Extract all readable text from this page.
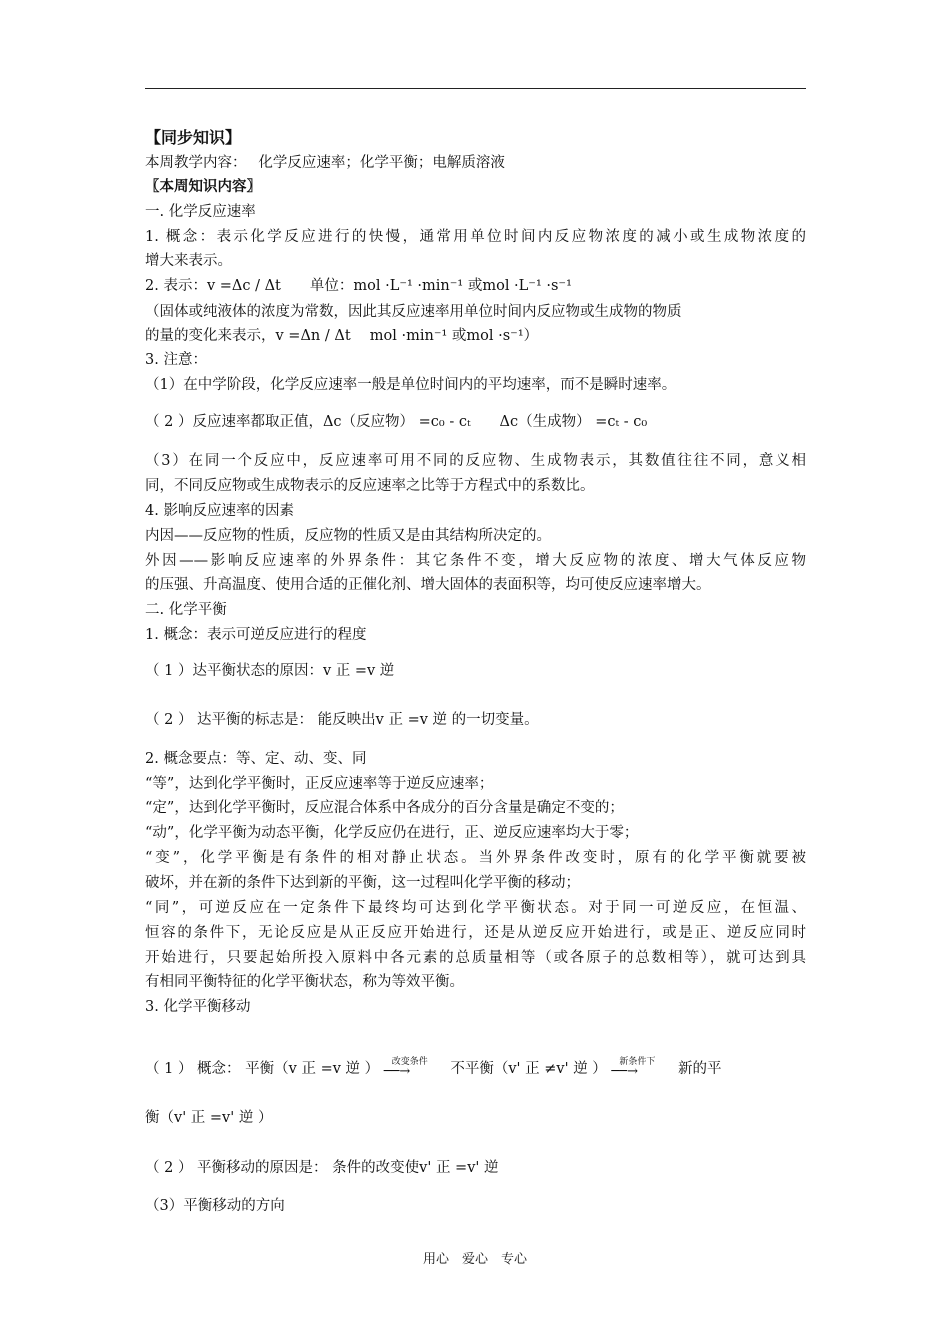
【同步知识】
本周教学内容：　 化学反应速率；化学平衡；电解质溶液
〖本周知识内容〗
一. 化学反应速率
1. 概念：表示化学反应进行的快慢，通常用单位时间内反应物浓度的减小或生成物浓度的
增大来表示。
2. 表示：v =Δc / Δt　　单位：mol ·L⁻¹ ·min⁻¹ 或mol ·L⁻¹ ·s⁻¹
（固体或纯液体的浓度为常数，因此其反应速率用单位时间内反应物或生成物的物质
的量的变化来表示，v =Δn / Δt　 mol ·min⁻¹ 或mol ·s⁻¹）
3. 注意：
（1）在中学阶段，化学反应速率一般是单位时间内的平均速率，而不是瞬时速率。
（ 2 ）反应速率都取正值，Δc（反应物） =c₀ - cₜ　　Δc（生成物） =cₜ - c₀
（3）在同一个反应中，反应速率可用不同的反应物、生成物表示，其数值往往不同，意义相
同，不同反应物或生成物表示的反应速率之比等于方程式中的系数比。
4. 影响反应速率的因素
内因——反应物的性质，反应物的性质又是由其结构所决定的。
外因——影响反应速率的外界条件：其它条件不变，增大反应物的浓度、增大气体反应物
的压强、升高温度、使用合适的正催化剂、增大固体的表面积等，均可使反应速率增大。
二. 化学平衡
1. 概念：表示可逆反应进行的程度
（ 1 ）达平衡状态的原因：v 正 =v 逆
（ 2 ） 达平衡的标志是： 能反映出v 正 =v 逆 的一切变量。
2. 概念要点：等、定、动、变、同
“等”，达到化学平衡时，正反应速率等于逆反应速率；
“定”，达到化学平衡时，反应混合体系中各成分的百分含量是确定不变的；
“动”，化学平衡为动态平衡，化学反应仍在进行，正、逆反应速率均大于零；
“变”，化学平衡是有条件的相对静止状态。当外界条件改变时，原有的化学平衡就要被
破坏，并在新的条件下达到新的平衡，这一过程叫化学平衡的移动；
“同”，可逆反应在一定条件下最终均可达到化学平衡状态。对于同一可逆反应，在恒温、
恒容的条件下，无论反应是从正反应开始进行，还是从逆反应开始进行，或是正、逆反应同时
开始进行，只要起始所投入原料中各元素的总质量相等（或各原子的总数相等），就可达到具
有相同平衡特征的化学平衡状态，称为等效平衡。
3. 化学平衡移动
（ 1 ） 概念： 平衡（v 正 =v 逆 ） 改变条件
──→	不平衡（v' 正 ≠v' 逆 ） 新条件下
──→	新的平
衡（v' 正 =v' 逆 ）
（ 2 ） 平衡移动的原因是： 条件的改变使v' 正 =v' 逆
（3）平衡移动的方向
用心　爱心　专心
